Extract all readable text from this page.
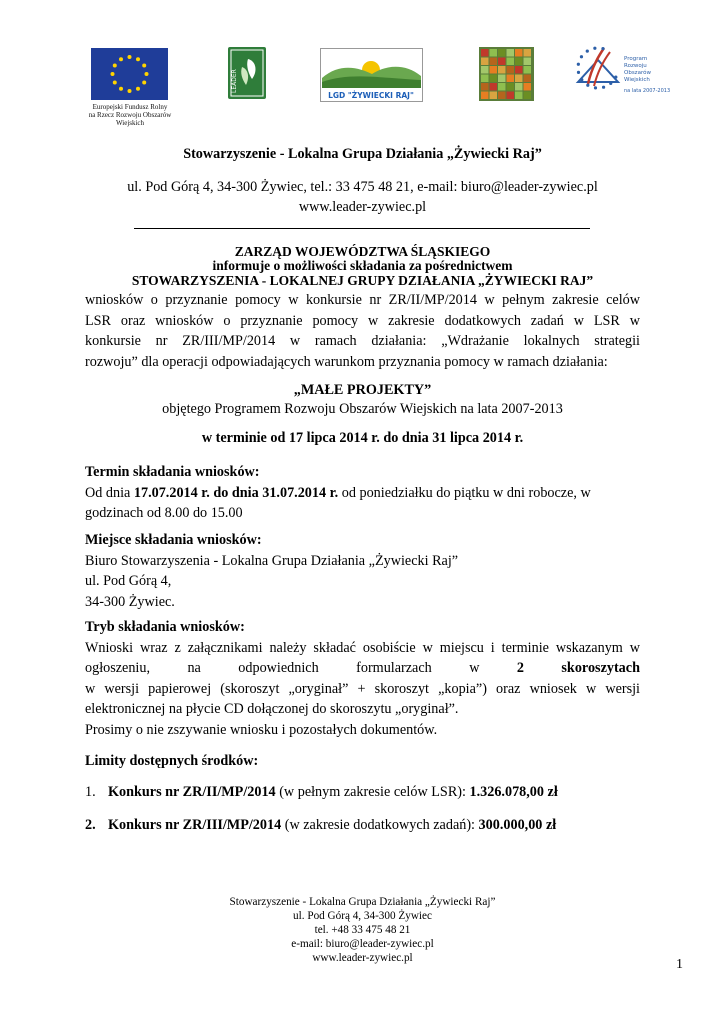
Europejski Fundusz Rolny
na Rzecz Rozwoju Obszarów Wiejskich
LEADER
LGD "ŻYWIECKI RAJ"
Program
Rozwoju
Obszarów
Wiejskich
na lata 2007-2013
Stowarzyszenie - Lokalna Grupa Działania „Żywiecki Raj”
ul. Pod Górą 4, 34-300 Żywiec, tel.: 33 475 48 21, e-mail: biuro@leader-zywiec.pl
www.leader-zywiec.pl
ZARZĄD WOJEWÓDZTWA ŚLĄSKIEGO
informuje o możliwości składania za pośrednictwem
STOWARZYSZENIA - LOKALNEJ GRUPY DZIAŁANIA „ŻYWIECKI RAJ”
wniosków o przyznanie pomocy w konkursie nr ZR/II/MP/2014 w pełnym zakresie celów
LSR oraz wniosków o przyznanie pomocy w zakresie dodatkowych zadań w LSR w
konkursie nr ZR/III/MP/2014 w ramach działania: „Wdrażanie lokalnych strategii
rozwoju” dla operacji odpowiadających warunkom przyznania pomocy w ramach działania:
„MAŁE PROJEKTY”
objętego Programem Rozwoju Obszarów Wiejskich na lata 2007-2013
w terminie od 17 lipca 2014 r. do dnia 31 lipca 2014 r.
Termin składania wniosków:
Od dnia 17.07.2014 r. do dnia 31.07.2014 r. od poniedziałku do piątku w dni robocze, w
godzinach od 8.00 do 15.00
Miejsce składania wniosków:
Biuro Stowarzyszenia - Lokalna Grupa Działania „Żywiecki Raj”
ul. Pod Górą 4,
34-300 Żywiec.
Tryb składania wniosków:
Wnioski wraz z załącznikami należy składać osobiście w miejscu i terminie wskazanym w
ogłoszeniu,	na	odpowiednich	formularzach	w	2	skoroszytach
w wersji papierowej (skoroszyt „oryginał” + skoroszyt „kopia”) oraz wniosek w wersji
elektronicznej na płycie CD dołączonej do skoroszytu „oryginał”.
Prosimy o nie zszywanie wniosku i pozostałych dokumentów.
Limity dostępnych środków:
1. Konkurs nr ZR/II/MP/2014 (w pełnym zakresie celów LSR): 1.326.078,00 zł
2. Konkurs nr ZR/III/MP/2014 (w zakresie dodatkowych zadań): 300.000,00 zł
Stowarzyszenie - Lokalna Grupa Działania „Żywiecki Raj”
ul. Pod Górą 4, 34-300 Żywiec
tel. +48 33 475 48 21
e-mail: biuro@leader-zywiec.pl
www.leader-zywiec.pl	1
